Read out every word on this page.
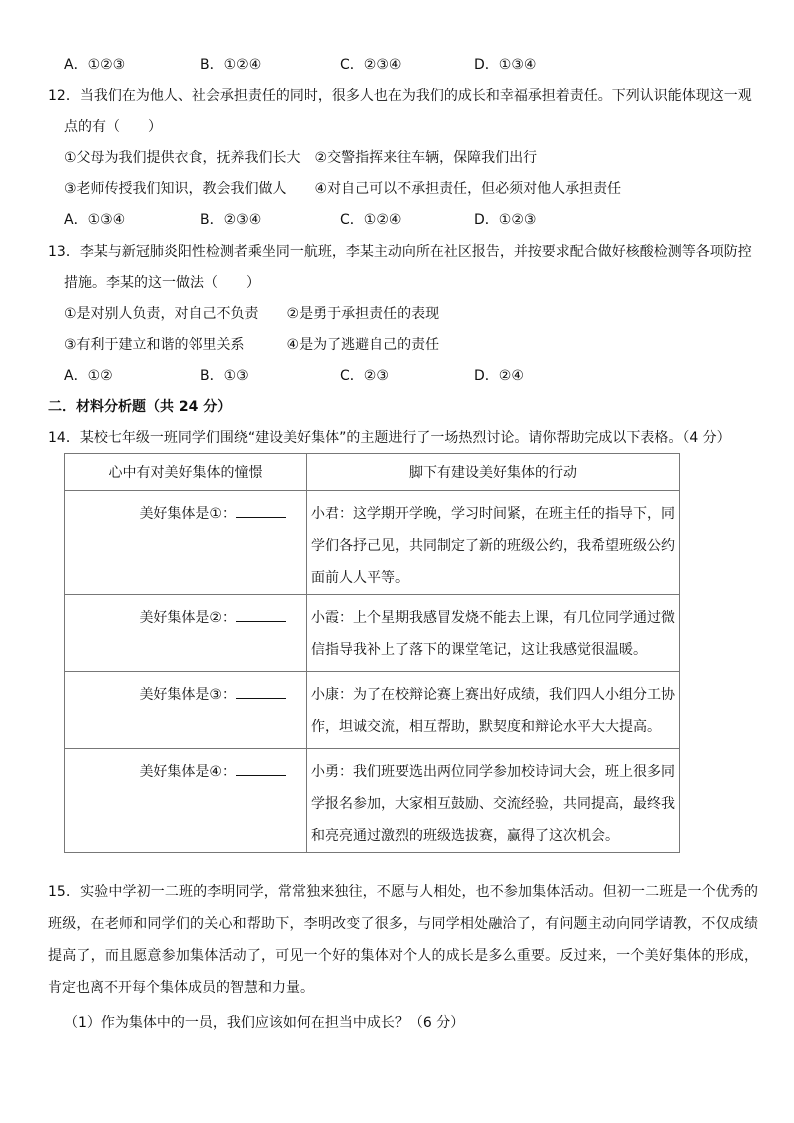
A．①②③	B．①②④	C．②③④	D．①③④
12．当我们在为他人、社会承担责任的同时，很多人也在为我们的成长和幸福承担着责任。下列认识能体现这一观
点的有（　　）
①父母为我们提供衣食，抚养我们长大　②交警指挥来往车辆，保障我们出行
③老师传授我们知识，教会我们做人　　④对自己可以不承担责任，但必须对他人承担责任
A．①③④	B．②③④	C．①②④	D．①②③
13．李某与新冠肺炎阳性检测者乘坐同一航班，李某主动向所在社区报告，并按要求配合做好核酸检测等各项防控
措施。李某的这一做法（　　）
①是对别人负责，对自己不负责　　②是勇于承担责任的表现
③有利于建立和谐的邻里关系　　　④是为了逃避自己的责任
A．①②	B．①③	C．②③	D．②④
二．材料分析题（共 24 分）
14．某校七年级一班同学们围绕“建设美好集体”的主题进行了一场热烈讨论。请你帮助完成以下表格。（4 分）
心中有对美好集体的憧憬	脚下有建设美好集体的行动
美好集体是①：	小君：这学期开学晚，学习时间紧，在班主任的指导下，同学们各抒己见，共同制定了新的班级公约，我希望班级公约面前人人平等。
美好集体是②：	小霞：上个星期我感冒发烧不能去上课，有几位同学通过微信指导我补上了落下的课堂笔记，这让我感觉很温暖。
美好集体是③：	小康：为了在校辩论赛上赛出好成绩，我们四人小组分工协作，坦诚交流，相互帮助，默契度和辩论水平大大提高。
美好集体是④：	小勇：我们班要选出两位同学参加校诗词大会，班上很多同学报名参加，大家相互鼓励、交流经验，共同提高，最终我和亮亮通过激烈的班级选拔赛，赢得了这次机会。
15．实验中学初一二班的李明同学，常常独来独往，不愿与人相处，也不参加集体活动。但初一二班是一个优秀的班级，在老师和同学们的关心和帮助下，李明改变了很多，与同学相处融洽了，有问题主动向同学请教，不仅成绩提高了，而且愿意参加集体活动了，可见一个好的集体对个人的成长是多么重要。反过来，一个美好集体的形成，肯定也离不开每个集体成员的智慧和力量。
（1）作为集体中的一员，我们应该如何在担当中成长？（6 分）
